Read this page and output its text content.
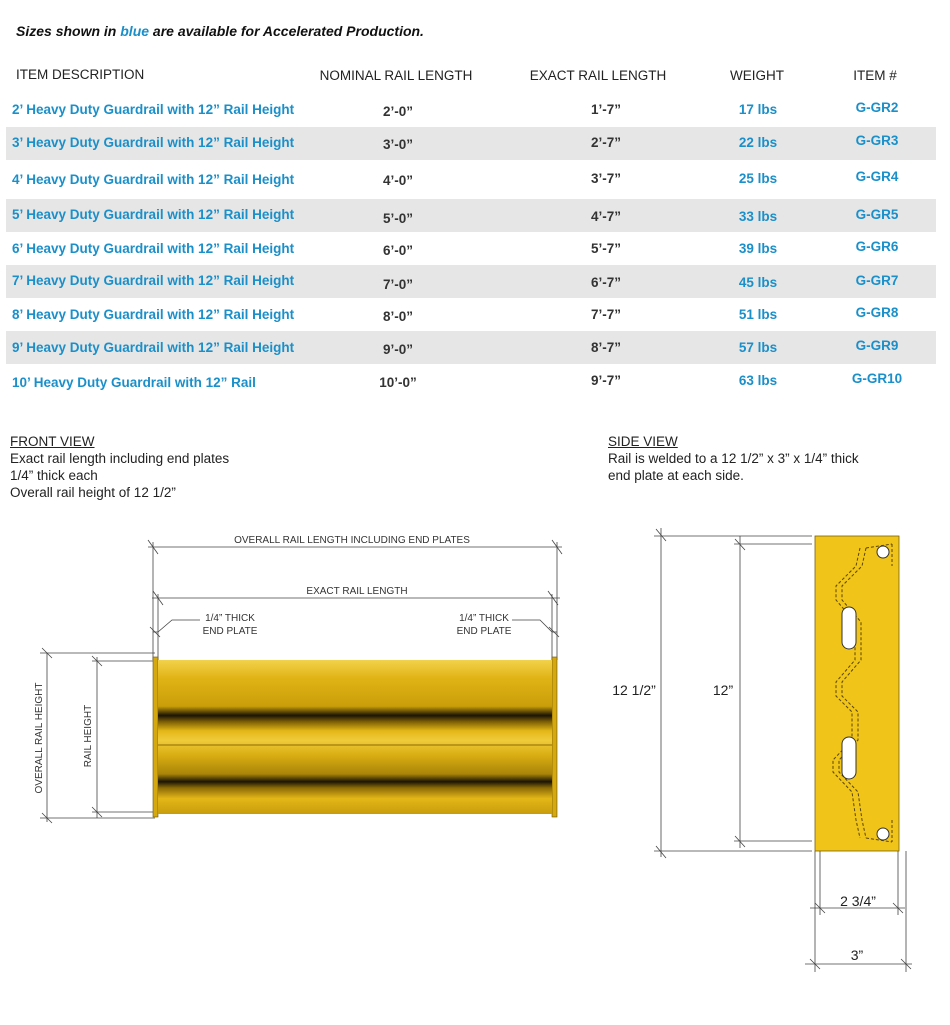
Sizes shown in blue are available for Accelerated Production.
ITEM DESCRIPTION	NOMINAL RAIL LENGTH	EXACT RAIL LENGTH	WEIGHT	ITEM #
2’ Heavy Duty Guardrail with 12” Rail Height	2’-0”	1’-7”	17 lbs	G-GR2
3’ Heavy Duty Guardrail with 12” Rail Height	3’-0”	2’-7”	22 lbs	G-GR3
4’ Heavy Duty Guardrail with 12” Rail Height	4’-0”	3’-7”	25 lbs	G-GR4
5’ Heavy Duty Guardrail with 12” Rail Height	5’-0”	4’-7”	33 lbs	G-GR5
6’ Heavy Duty Guardrail with 12” Rail Height	6’-0”	5’-7”	39 lbs	G-GR6
7’ Heavy Duty Guardrail with 12” Rail Height	7’-0”	6’-7”	45 lbs	G-GR7
8’ Heavy Duty Guardrail with 12” Rail Height	8’-0”	7’-7”	51 lbs	G-GR8
9’ Heavy Duty Guardrail with 12” Rail Height	9’-0”	8’-7”	57 lbs	G-GR9
10’ Heavy Duty Guardrail with 12” Rail	10’-0”	9’-7”	63 lbs	G-GR10
FRONT VIEW
Exact rail length including end plates
1/4” thick each
Overall rail height of 12 1/2”
SIDE VIEW
Rail is welded to a 12 1/2” x 3” x 1/4” thick
end plate at each side.
OVERALL RAIL LENGTH INCLUDING END PLATES
EXACT RAIL LENGTH
1/4” THICK
END PLATE
1/4” THICK
END PLATE
OVERALL RAIL HEIGHT	RAIL HEIGHT
12 1/2”	12”
2 3/4”
3”
